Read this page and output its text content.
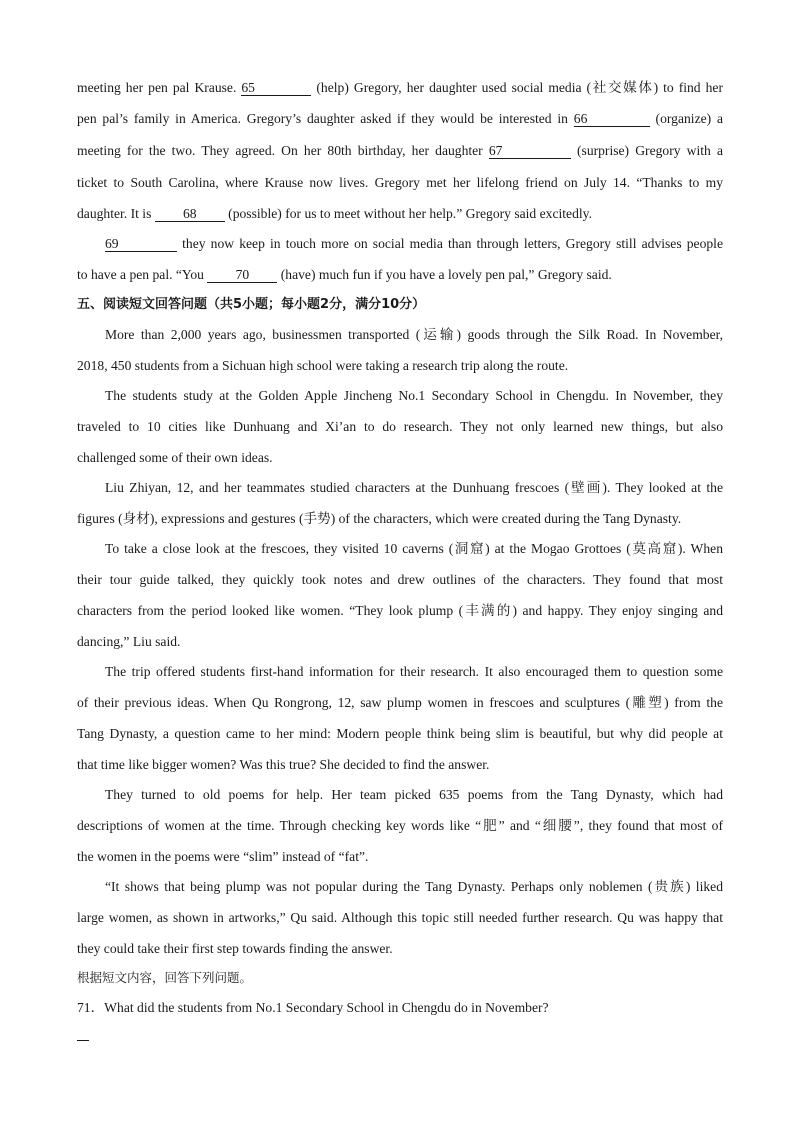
meeting her pen pal Krause. 65	(help) Gregory, her daughter used social media (社交媒体) to find her
pen pal’s family in America. Gregory’s daughter asked if they would be interested in 66	(organize) a
meeting for the two. They agreed. On her 80th birthday, her daughter 67	(surprise) Gregory with a
ticket to South Carolina, where Krause now lives. Gregory met her lifelong friend on July 14. “Thanks to my
daughter. It is 68 (possible) for us to meet without her help.” Gregory said excitedly.
69	they now keep in touch more on social media than through letters, Gregory still advises people
to have a pen pal. “You 70 (have) much fun if you have a lovely pen pal,” Gregory said.
五、阅读短文回答问题（共5小题；每小题2分，满分10分）
More than 2,000 years ago, businessmen transported (运输) goods through the Silk Road. In November,
2018, 450 students from a Sichuan high school were taking a research trip along the route.
The students study at the Golden Apple Jincheng No.1 Secondary School in Chengdu. In November, they
traveled to 10 cities like Dunhuang and Xi’an to do research. They not only learned new things, but also
challenged some of their own ideas.
Liu Zhiyan, 12, and her teammates studied characters at the Dunhuang frescoes (壁画). They looked at the
figures (身材), expressions and gestures (手势) of the characters, which were created during the Tang Dynasty.
To take a close look at the frescoes, they visited 10 caverns (洞窟) at the Mogao Grottoes (莫高窟). When
their tour guide talked, they quickly took notes and drew outlines of the characters. They found that most
characters from the period looked like women. “They look plump (丰满的) and happy. They enjoy singing and
dancing,” Liu said.
The trip offered students first-hand information for their research. It also encouraged them to question some
of their previous ideas. When Qu Rongrong, 12, saw plump women in frescoes and sculptures (雕塑) from the
Tang Dynasty, a question came to her mind: Modern people think being slim is beautiful, but why did people at
that time like bigger women? Was this true? She decided to find the answer.
They turned to old poems for help. Her team picked 635 poems from the Tang Dynasty, which had
descriptions of women at the time. Through checking key words like “肥” and “细腰”, they found that most of
the women in the poems were “slim” instead of “fat”.
“It shows that being plump was not popular during the Tang Dynasty. Perhaps only noblemen (贵族) liked
large women, as shown in artworks,” Qu said. Although this topic still needed further research. Qu was happy that
they could take their first step towards finding the answer.
根据短文内容，回答下列问题。
71．What did the students from No.1 Secondary School in Chengdu do in November?
